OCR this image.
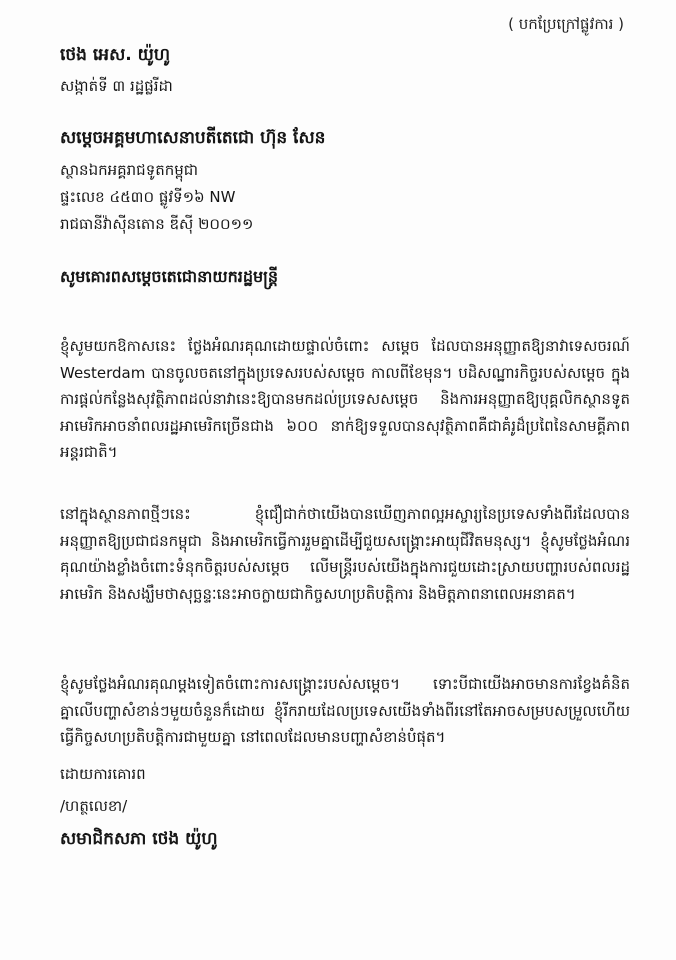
( បកប្រែក្រៅផ្លូវការ )
ថេង អេស. យ៉ូហូ
សង្កាត់ទី ៣ រដ្ឋផ្លរីដា
សម្ដេចអគ្គមហាសេនាបតីតេជោ ហ៊ុន សែន
ស្ថានឯកអគ្គរាជទូតកម្ពុជា
ផ្ទះលេខ ៤៥៣០ ផ្លូវទី១៦ NW
រាជធានីវ៉ាស៊ីនតោន ឌីស៊ី ២០០១១
សូមគោរពសម្តេចតេជោនាយករដ្ឋមន្ត្រី

ខ្ញុំសូមយកឱកាសនេះ ថ្លែងអំណរគុណដោយផ្ទាល់ចំពោះ សម្ដេច ដែលបានអនុញ្ញាតឱ្យនាវាទេសចរណ៍ Westerdam បានចូលចតនៅក្នុងប្រទេសរបស់សម្ដេច កាលពីខែមុន។ បដិសណ្ឋារកិច្ចរបស់សម្ដេច ក្នុងការផ្ដល់កន្លែងសុវត្ថិភាពដល់នាវានេះឱ្យបានមកដល់ប្រទេសសម្ដេច និងការអនុញ្ញាតឱ្យបុគ្គលិកស្ថានទូតអាមេរិកអាចនាំពលរដ្ឋអាមេរិកច្រើនជាង ៦០០ នាក់ឱ្យទទួលបានសុវត្ថិភាពគឺជាគំរូដ៏ប្រពៃនៃសាមគ្គីភាពអន្តរជាតិ។

នៅក្នុងស្ថានភាពថ្មីៗនេះ ខ្ញុំជឿជាក់ថាយើងបានឃើញភាពល្អអស្ចារ្យនៃប្រទេសទាំងពីរដែលបានអនុញ្ញាតឱ្យប្រជាជនកម្ពុជា និងអាមេរិកធ្វើការរួមគ្នាដើម្បីជួយសង្គ្រោះអាយុជីវិតមនុស្ស។ ខ្ញុំសូមថ្លែងអំណរគុណយ៉ាងខ្លាំងចំពោះទំនុកចិត្តរបស់សម្ដេច លើមន្ត្រីរបស់យើងក្នុងការជួយដោះស្រាយបញ្ហារបស់ពលរដ្ឋអាមេរិក និងសង្ឃឹមថាសុច្ឆន្ទៈនេះអាចក្លាយជាកិច្ចសហប្រតិបត្តិការ និងមិត្តភាពនាពេលអនាគត។

ខ្ញុំសូមថ្លែងអំណរគុណម្ដងទៀតចំពោះការសង្គ្រោះរបស់សម្ដេច។ ទោះបីជាយើងអាចមានការខ្វែងគំនិតគ្នាលើបញ្ហាសំខាន់ៗមួយចំនួនក៏ដោយ ខ្ញុំរីករាយដែលប្រទេសយើងទាំងពីរនៅតែអាចសម្របសម្រួលហើយធ្វើកិច្ចសហប្រតិបត្តិការជាមួយគ្នា នៅពេលដែលមានបញ្ហាសំខាន់បំផុត។

ដោយការគោរព
/ហត្ថលេខា/
សមាជិកសភា ថេង យ៉ូហូ
